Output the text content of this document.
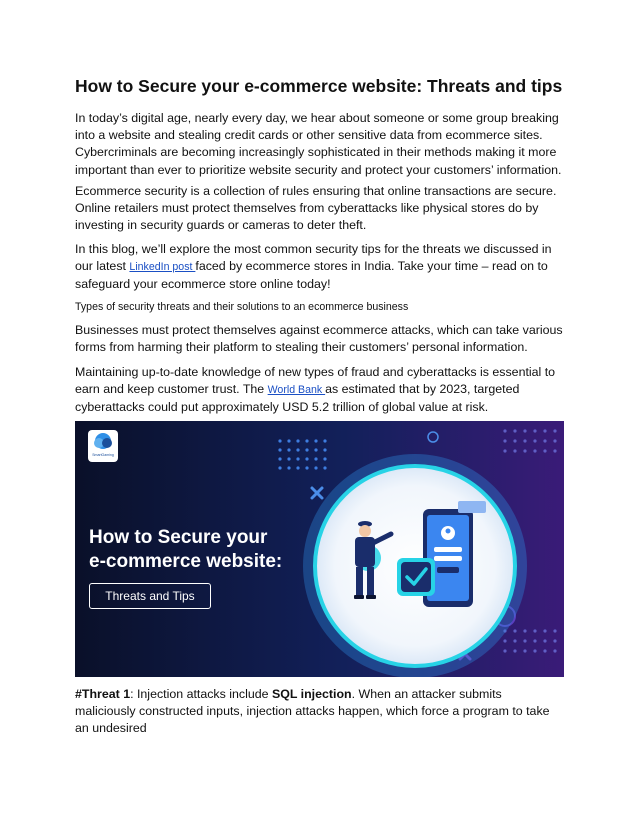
How to Secure your e-commerce website: Threats and tips

In today’s digital age, nearly every day, we hear about someone or some group breaking into a website and stealing credit cards or other sensitive data from ecommerce sites. Cybercriminals are becoming increasingly sophisticated in their methods making it more important than ever to prioritize website security and protect your customers’ information.

Ecommerce security is a collection of rules ensuring that online transactions are secure. Online retailers must protect themselves from cyberattacks like physical stores do by investing in security guards or cameras to deter theft.

In this blog, we’ll explore the most common security tips for the threats we discussed in our latest LinkedIn post faced by ecommerce stores in India. Take your time – read on to safeguard your ecommerce store online today!

Types of security threats and their solutions to an ecommerce business

Businesses must protect themselves against ecommerce attacks, which can take various forms from harming their platform to stealing their customers’ personal information.

Maintaining up-to-date knowledge of new types of fraud and cyberattacks is essential to earn and keep customer trust. The World Bank as estimated that by 2023, targeted cyberattacks could put approximately USD 5.2 trillion of global value at risk.

SmartGaming
How to Secure your
e-commerce website:
Threats and Tips

#Threat 1: Injection attacks include SQL injection. When an attacker submits maliciously constructed inputs, injection attacks happen, which force a program to take an undesired
